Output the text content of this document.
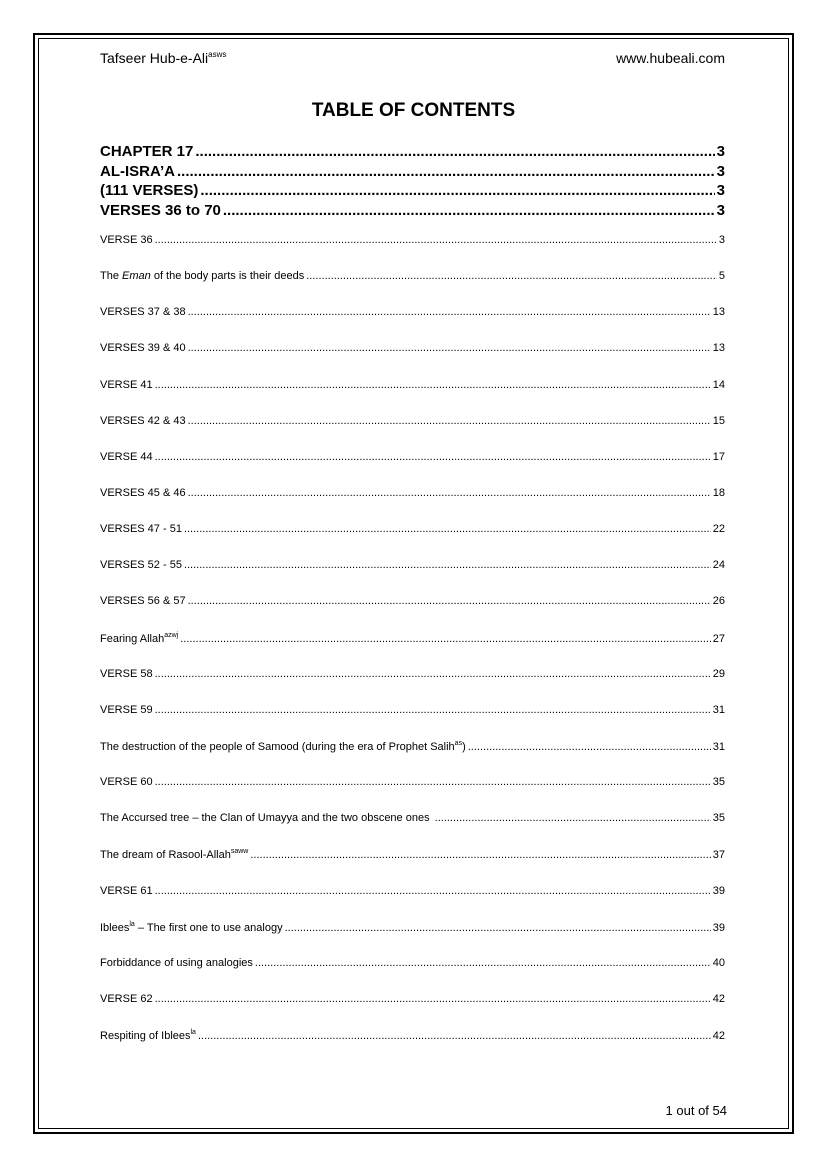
Tafseer Hub-e-Ali$^{asws}$	www.hubeali.com
TABLE OF CONTENTS
CHAPTER 17 .....	3
AL-ISRA’A .....	3
(111 VERSES) .....	3
VERSES 36 to 70 .....	3
VERSE 36 .....	3
The Eman of the body parts is their deeds .....	5
VERSES 37 & 38 .....	13
VERSES 39 & 40 .....	13
VERSE 41 .....	14
VERSES 42 & 43 .....	15
VERSE 44 .....	17
VERSES 45 & 46 .....	18
VERSES 47 - 51 .....	22
VERSES 52 - 55 .....	24
VERSES 56 & 57 .....	26
Fearing Allah$^{azwj}$ .....	27
VERSE 58 .....	29
VERSE 59 .....	31
The destruction of the people of Samood (during the era of Prophet Salih$^{as}$) .....	31
VERSE 60 .....	35
The Accursed tree – the Clan of Umayya and the two obscene ones .....	35
The dream of Rasool-Allah$^{saww}$ .....	37
VERSE 61 .....	39
Iblees$^{la}$ – The first one to use analogy .....	39
Forbiddance of using analogies .....	40
VERSE 62 .....	42
Respiting of Iblees$^{la}$ .....	42
1 out of 54
